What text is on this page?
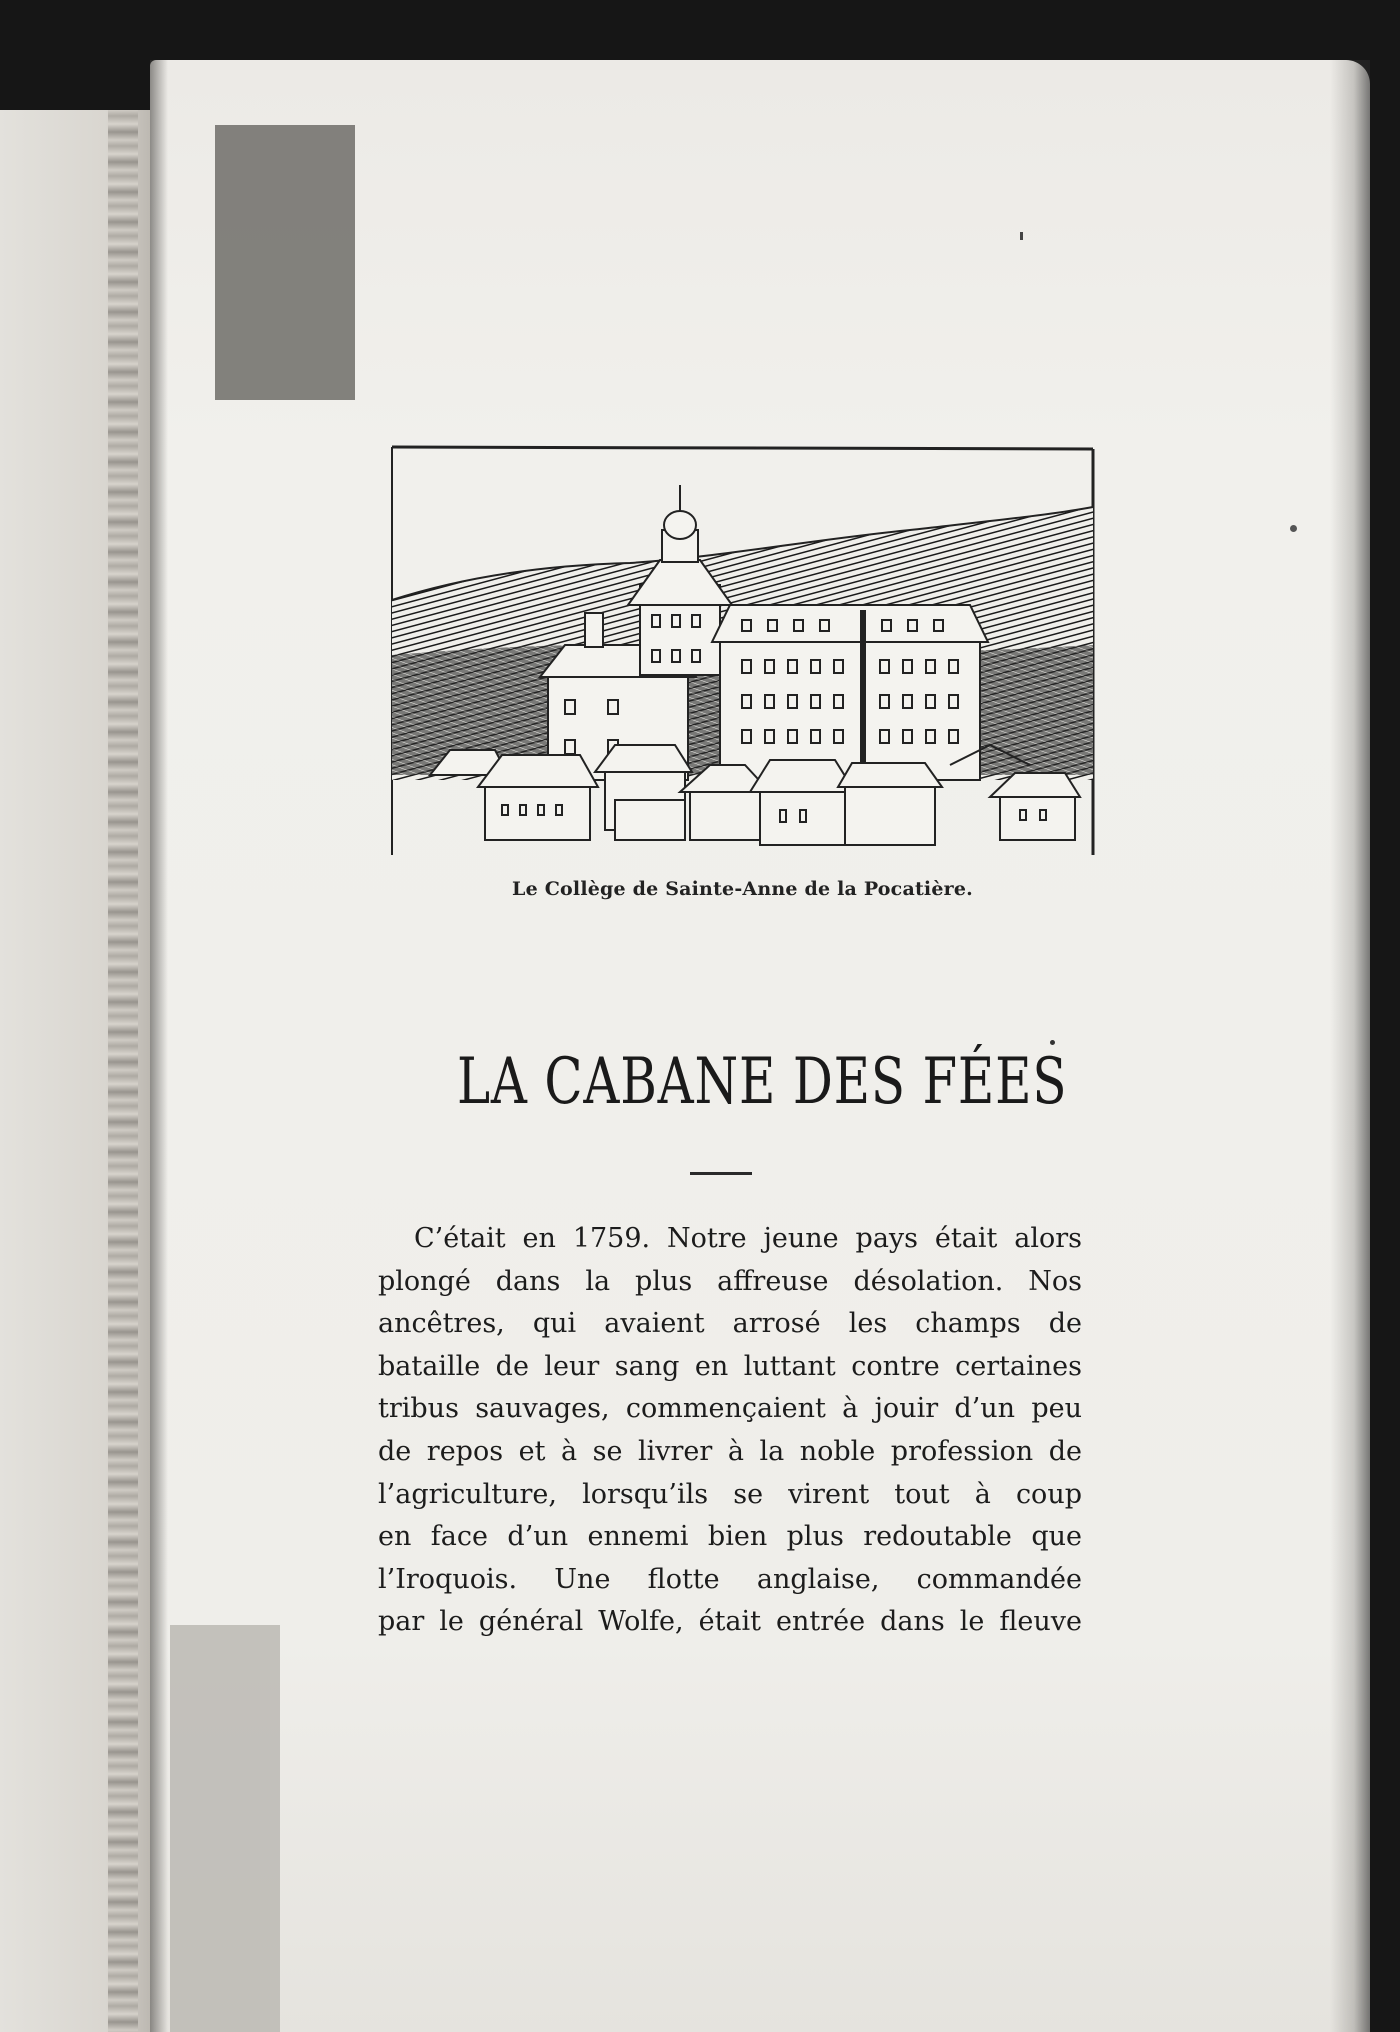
Le Collège de Sainte-Anne de la Pocatière.
LA CABANE DES FÉES
C’était en 1759. Notre jeune pays était alors
plongé dans la plus affreuse désolation. Nos
ancêtres, qui avaient arrosé les champs de
bataille de leur sang en luttant contre certaines
tribus sauvages, commençaient à jouir d’un peu
de repos et à se livrer à la noble profession de
l’agriculture, lorsqu’ils se virent tout à coup
en face d’un ennemi bien plus redoutable que
l’Iroquois. Une flotte anglaise, commandée
par le général Wolfe, était entrée dans le fleuve
